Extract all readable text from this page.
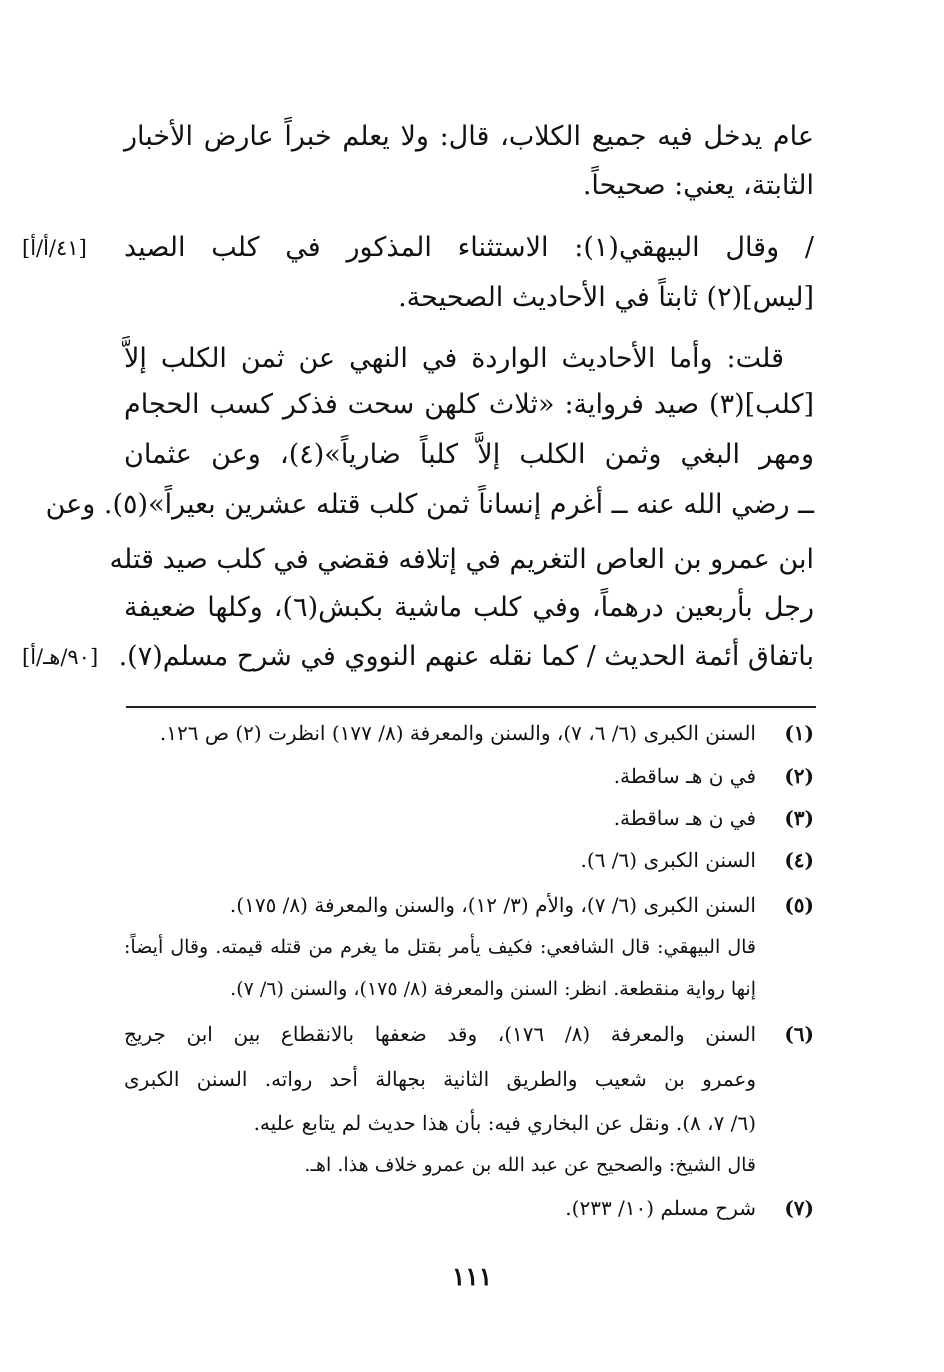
عام يدخل فيه جميع الكلاب، قال: ولا يعلم خبراً عارض الأخبار
الثابتة، يعني: صحيحاً.
/ وقال البيهقي(١): الاستثناء المذكور في كلب الصيد
[٤١/أ/أ]
[ليس](٢) ثابتاً في الأحاديث الصحيحة.
قلت: وأما الأحاديث الواردة في النهي عن ثمن الكلب إلاَّ
[كلب](٣) صيد فرواية: «ثلاث كلهن سحت فذكر كسب الحجام
ومهر البغي وثمن الكلب إلاَّ كلباً ضارياً»(٤)، وعن عثمان
ــ رضي الله عنه ــ أغرم إنساناً ثمن كلب قتله عشرين بعيراً»(٥). وعن
ابن عمرو بن العاص التغريم في إتلافه فقضي في كلب صيد قتله
رجل بأربعين درهماً، وفي كلب ماشية بكبش(٦)، وكلها ضعيفة
باتفاق أئمة الحديث / كما نقله عنهم النووي في شرح مسلم(٧).
[٩٠/هـ/أ]
(١)السنن الكبرى (٦/ ٦، ٧)، والسنن والمعرفة (٨/ ١٧٧) انظرت (٢) ص ١٢٦.
(٢)في ن هـ ساقطة.
(٣)في ن هـ ساقطة.
(٤)السنن الكبرى (٦/ ٦).
(٥)السنن الكبرى (٦/ ٧)، والأم (٣/ ١٢)، والسنن والمعرفة (٨/ ١٧٥).
قال البيهقي: قال الشافعي: فكيف يأمر بقتل ما يغرم من قتله قيمته. وقال أيضاً:
إنها رواية منقطعة. انظر: السنن والمعرفة (٨/ ١٧٥)، والسنن (٦/ ٧).
(٦)السنن والمعرفة (٨/ ١٧٦)، وقد ضعفها بالانقطاع بين ابن جريج
وعمرو بن شعيب والطريق الثانية بجهالة أحد رواته. السنن الكبرى
(٦/ ٧، ٨). ونقل عن البخاري فيه: بأن هذا حديث لم يتابع عليه.
قال الشيخ: والصحيح عن عبد الله بن عمرو خلاف هذا. اهـ.
(٧)شرح مسلم (١٠/ ٢٣٣).
١١١
